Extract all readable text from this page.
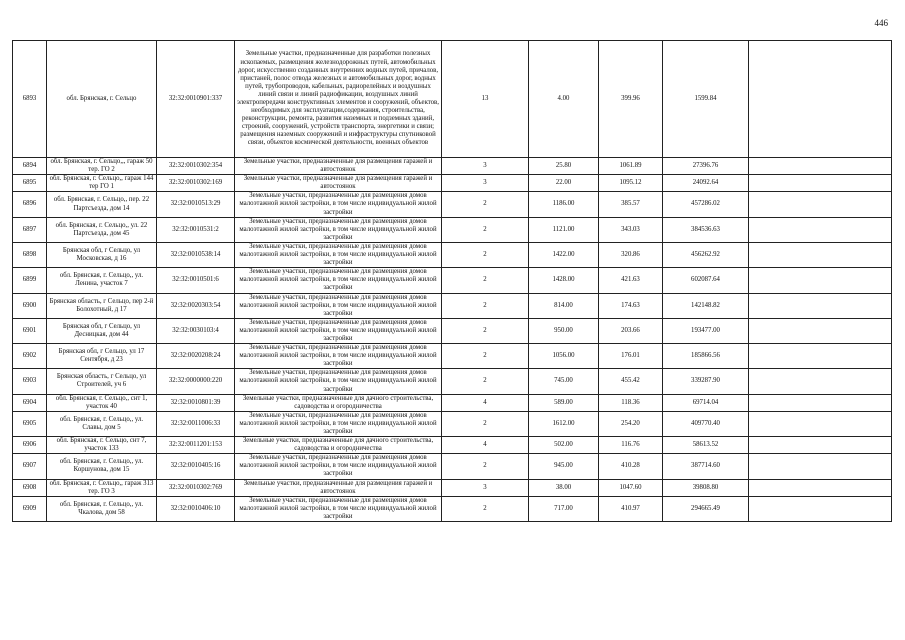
446
6893	обл. Брянская, г. Сельцо	32:32:0010901:337	Земельные участки, предназначенные для разработки полезных ископаемых, размещения железнодорожных путей, автомобильных дорог, искусственно созданных внутренних водных путей, причалов, пристаней, полос отвода железных и автомобильных дорог, водных путей, трубопроводов, кабельных, радиорелейных и воздушных линий связи и линий радиофикации, воздушных линий электропередачи конструктивных элементов и сооружений, объектов, необходимых для эксплуатации,содержания, строительства, реконструкции, ремонта, развития наземных и подземных зданий, строений, сооружений, устройств транспорта, энергетики и связи; размещения наземных сооружений и инфраструктуры спутниковой связи, объектов космической деятельности, военных объектов	13	4.00	399.96	1599.84	
6894	обл. Брянская, г. Сельцо,,, гараж 50 тер. ГО 2	32:32:0010302:354	Земельные участки, предназначенные для размещения гаражей и автостоянок	3	25.80	1061.89	27396.76	
6895	обл. Брянская, г. Сельцо,, гараж 144 тер ГО 1	32:32:0010302:169	Земельные участки, предназначенные для размещения гаражей и автостоянок	3	22.00	1095.12	24092.64	
6896	обл. Брянская, г. Сельцо,, пер. 22 Партсъезда, дом 14	32:32:0010513:29	Земельные участки, предназначенные для размещения домов малоэтажной жилой застройки, в том числе индивидуальной жилой застройки	2	1186.00	385.57	457286.02	
6897	обл. Брянская, г. Сельцо,, ул. 22 Партсъезда, дом 45	32:32:0010531:2	Земельные участки, предназначенные для размещения домов малоэтажной жилой застройки, в том числе индивидуальной жилой застройки	2	1121.00	343.03	384536.63	
6898	Брянская обл, г Сельцо, ул Московская, д 16	32:32:0010538:14	Земельные участки, предназначенные для размещения домов малоэтажной жилой застройки, в том числе индивидуальной жилой застройки	2	1422.00	320.86	456262.92	
6899	обл. Брянская, г. Сельцо,, ул. Ленина, участок 7	32:32:0010501:6	Земельные участки, предназначенные для размещения домов малоэтажной жилой застройки, в том числе индивидуальной жилой застройки	2	1428.00	421.63	602087.64	
6900	Брянская область, г Сельцо, пер 2-й Болохотный, д 17	32:32:0020303:54	Земельные участки, предназначенные для размещения домов малоэтажной жилой застройки, в том числе индивидуальной жилой застройки	2	814.00	174.63	142148.82	
6901	Брянская обл, г Сельцо, ул Десницкая, дом 44	32:32:0030103:4	Земельные участки, предназначенные для размещения домов малоэтажной жилой застройки, в том числе индивидуальной жилой застройки	2	950.00	203.66	193477.00	
6902	Брянская обл, г Сельцо, ул 17 Сентября, д 23	32:32:0020208:24	Земельные участки, предназначенные для размещения домов малоэтажной жилой застройки, в том числе индивидуальной жилой застройки	2	1056.00	176.01	185866.56	
6903	Брянская область, г Сельцо, ул Строителей, уч 6	32:32:0000000:220	Земельные участки, предназначенные для размещения домов малоэтажной жилой застройки, в том числе индивидуальной жилой застройки	2	745.00	455.42	339287.90	
6904	обл. Брянская, г. Сельцо,, снт 1, участок 40	32:32:0010801:39	Земельные участки, предназначенные для дачного строительства, садоводства и огородничества	4	589.00	118.36	69714.04	
6905	обл. Брянская, г. Сельцо,, ул. Славы, дом 5	32:32:0011006:33	Земельные участки, предназначенные для размещения домов малоэтажной жилой застройки, в том числе индивидуальной жилой застройки	2	1612.00	254.20	409770.40	
6906	обл. Брянская, г. Сельцо, снт 7, участок 133	32:32:0011201:153	Земельные участки, предназначенные для дачного строительства, садоводства и огородничества	4	502.00	116.76	58613.52	
6907	обл. Брянская, г. Сельцо,, ул. Коршунова, дом 15	32:32:0010405:16	Земельные участки, предназначенные для размещения домов малоэтажной жилой застройки, в том числе индивидуальной жилой застройки	2	945.00	410.28	387714.60	
6908	обл. Брянская, г. Сельцо,, гараж 313 тер. ГО 3	32:32:0010302:769	Земельные участки, предназначенные для размещения гаражей и автостоянок	3	38.00	1047.60	39808.80	
6909	обл. Брянская, г. Сельцо,, ул. Чкалова, дом 58	32:32:0010406:10	Земельные участки, предназначенные для размещения домов малоэтажной жилой застройки, в том числе индивидуальной жилой застройки	2	717.00	410.97	294665.49	
